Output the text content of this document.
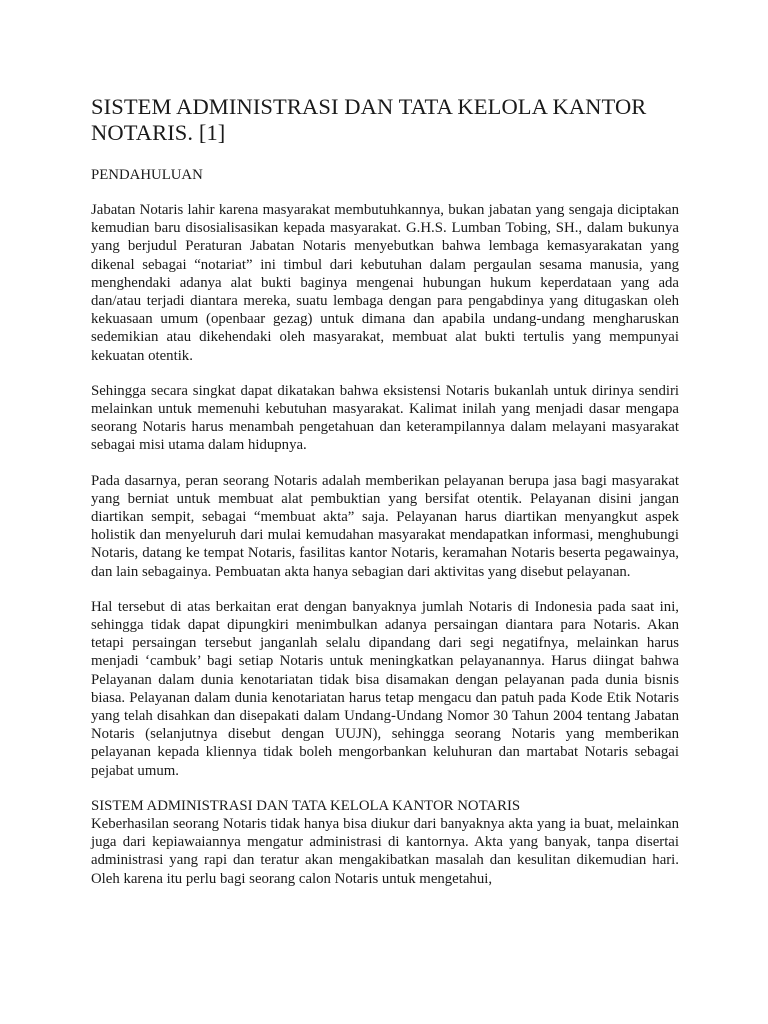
SISTEM ADMINISTRASI DAN TATA KELOLA KANTOR NOTARIS. [1]

PENDAHULUAN

Jabatan Notaris lahir karena masyarakat membutuhkannya, bukan jabatan yang sengaja diciptakan kemudian baru disosialisasikan kepada masyarakat. G.H.S. Lumban Tobing, SH., dalam bukunya yang berjudul Peraturan Jabatan Notaris menyebutkan bahwa lembaga kemasyarakatan yang dikenal sebagai “notariat” ini timbul dari kebutuhan dalam pergaulan sesama manusia, yang menghendaki adanya alat bukti baginya mengenai hubungan hukum keperdataan yang ada dan/atau terjadi diantara mereka, suatu lembaga dengan para pengabdinya yang ditugaskan oleh kekuasaan umum (openbaar gezag) untuk dimana dan apabila undang-undang mengharuskan sedemikian atau dikehendaki oleh masyarakat, membuat alat bukti tertulis yang mempunyai kekuatan otentik.

Sehingga secara singkat dapat dikatakan bahwa eksistensi Notaris bukanlah untuk dirinya sendiri melainkan untuk memenuhi kebutuhan masyarakat. Kalimat inilah yang menjadi dasar mengapa seorang Notaris harus menambah pengetahuan dan keterampilannya dalam melayani masyarakat sebagai misi utama dalam hidupnya.

Pada dasarnya, peran seorang Notaris adalah memberikan pelayanan berupa jasa bagi masyarakat yang berniat untuk membuat alat pembuktian yang bersifat otentik. Pelayanan disini jangan diartikan sempit, sebagai “membuat akta” saja. Pelayanan harus diartikan menyangkut aspek holistik dan menyeluruh dari mulai kemudahan masyarakat mendapatkan informasi, menghubungi Notaris, datang ke tempat Notaris, fasilitas kantor Notaris, keramahan Notaris beserta pegawainya, dan lain sebagainya. Pembuatan akta hanya sebagian dari aktivitas yang disebut pelayanan.

Hal tersebut di atas berkaitan erat dengan banyaknya jumlah Notaris di Indonesia pada saat ini, sehingga tidak dapat dipungkiri menimbulkan adanya persaingan diantara para Notaris. Akan tetapi persaingan tersebut janganlah selalu dipandang dari segi negatifnya, melainkan harus menjadi ‘cambuk’ bagi setiap Notaris untuk meningkatkan pelayanannya. Harus diingat bahwa Pelayanan dalam dunia kenotariatan tidak bisa disamakan dengan pelayanan pada dunia bisnis biasa. Pelayanan dalam dunia kenotariatan harus tetap mengacu dan patuh pada Kode Etik Notaris yang telah disahkan dan disepakati dalam Undang-Undang Nomor 30 Tahun 2004 tentang Jabatan Notaris (selanjutnya disebut dengan UUJN), sehingga seorang Notaris yang memberikan pelayanan kepada kliennya tidak boleh mengorbankan keluhuran dan martabat Notaris sebagai pejabat umum.

SISTEM ADMINISTRASI DAN TATA KELOLA KANTOR NOTARIS

Keberhasilan seorang Notaris tidak hanya bisa diukur dari banyaknya akta yang ia buat, melainkan juga dari kepiawaiannya mengatur administrasi di kantornya. Akta yang banyak, tanpa disertai administrasi yang rapi dan teratur akan mengakibatkan masalah dan kesulitan dikemudian hari. Oleh karena itu perlu bagi seorang calon Notaris untuk mengetahui,
